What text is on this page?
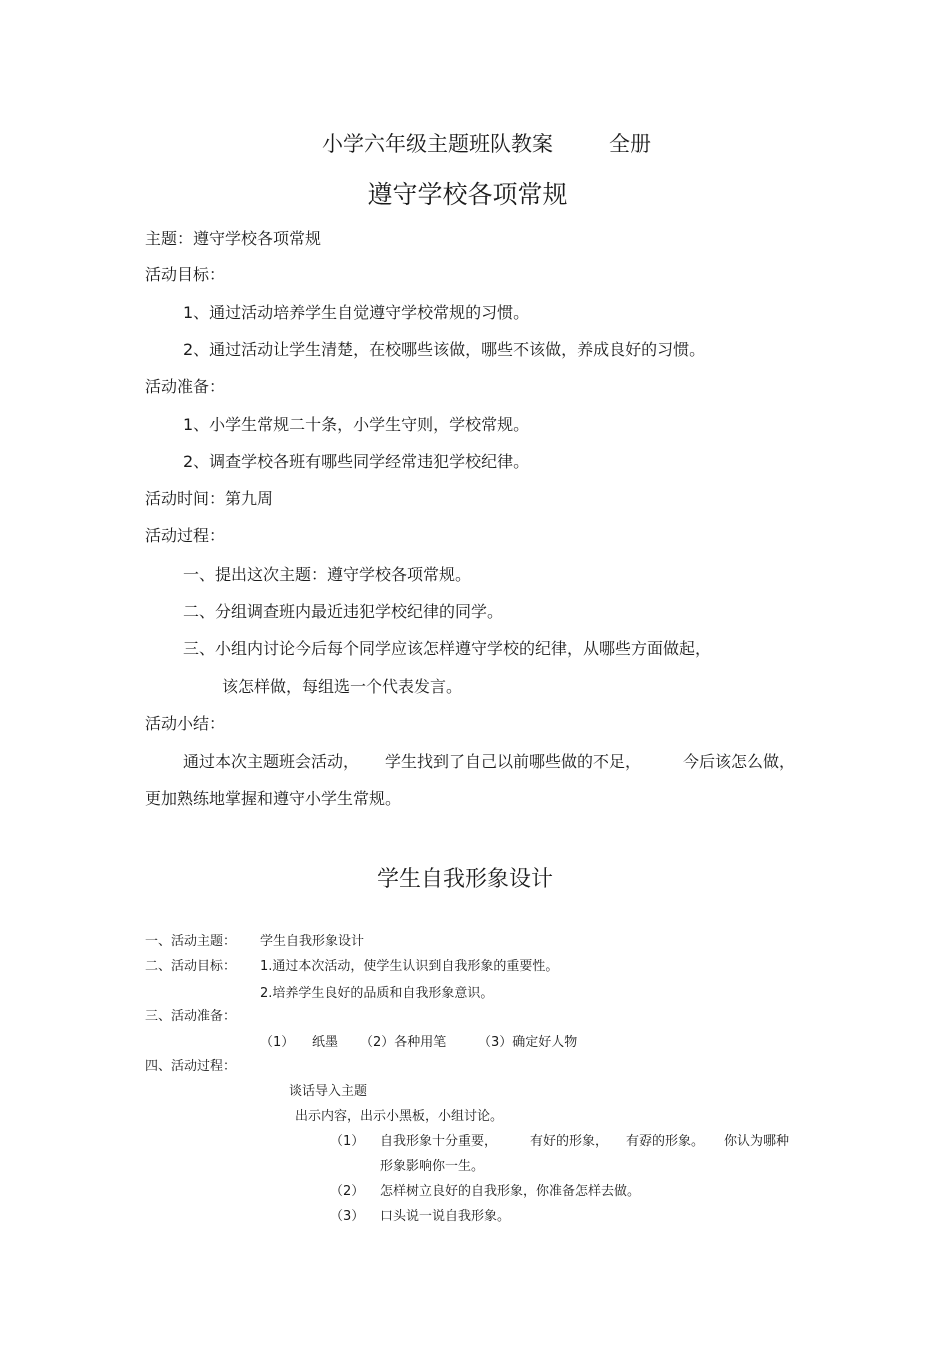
小学六年级主题班队教案	全册
遵守学校各项常规
主题：遵守学校各项常规
活动目标：
1、通过活动培养学生自觉遵守学校常规的习惯。
2、通过活动让学生清楚，在校哪些该做，哪些不该做，养成良好的习惯。
活动准备：
1、小学生常规二十条，小学生守则，学校常规。
2、调查学校各班有哪些同学经常违犯学校纪律。
活动时间：第九周
活动过程：
一、提出这次主题：遵守学校各项常规。
二、分组调查班内最近违犯学校纪律的同学。
三、小组内讨论今后每个同学应该怎样遵守学校的纪律，从哪些方面做起，
该怎样做，每组选一个代表发言。
活动小结：
通过本次主题班会活动， 学生找到了自己以前哪些做的不足，	今后该怎么做，
更加熟练地掌握和遵守小学生常规。
学生自我形象设计
一、活动主题： 学生自我形象设计
二、活动目标： 1.通过本次活动，使学生认识到自我形象的重要性。
2.培养学生良好的品质和自我形象意识。
三、活动准备：
（1） 纸墨 （2）各种用笔 （3）确定好人物
四、活动过程：
谈话导入主题
出示内容，出示小黑板，小组讨论。
（1） 自我形象十分重要，	有好的形象， 有孬的形象。 你认为哪种
形象影响你一生。
（2） 怎样树立良好的自我形象，你准备怎样去做。
（3） 口头说一说自我形象。
